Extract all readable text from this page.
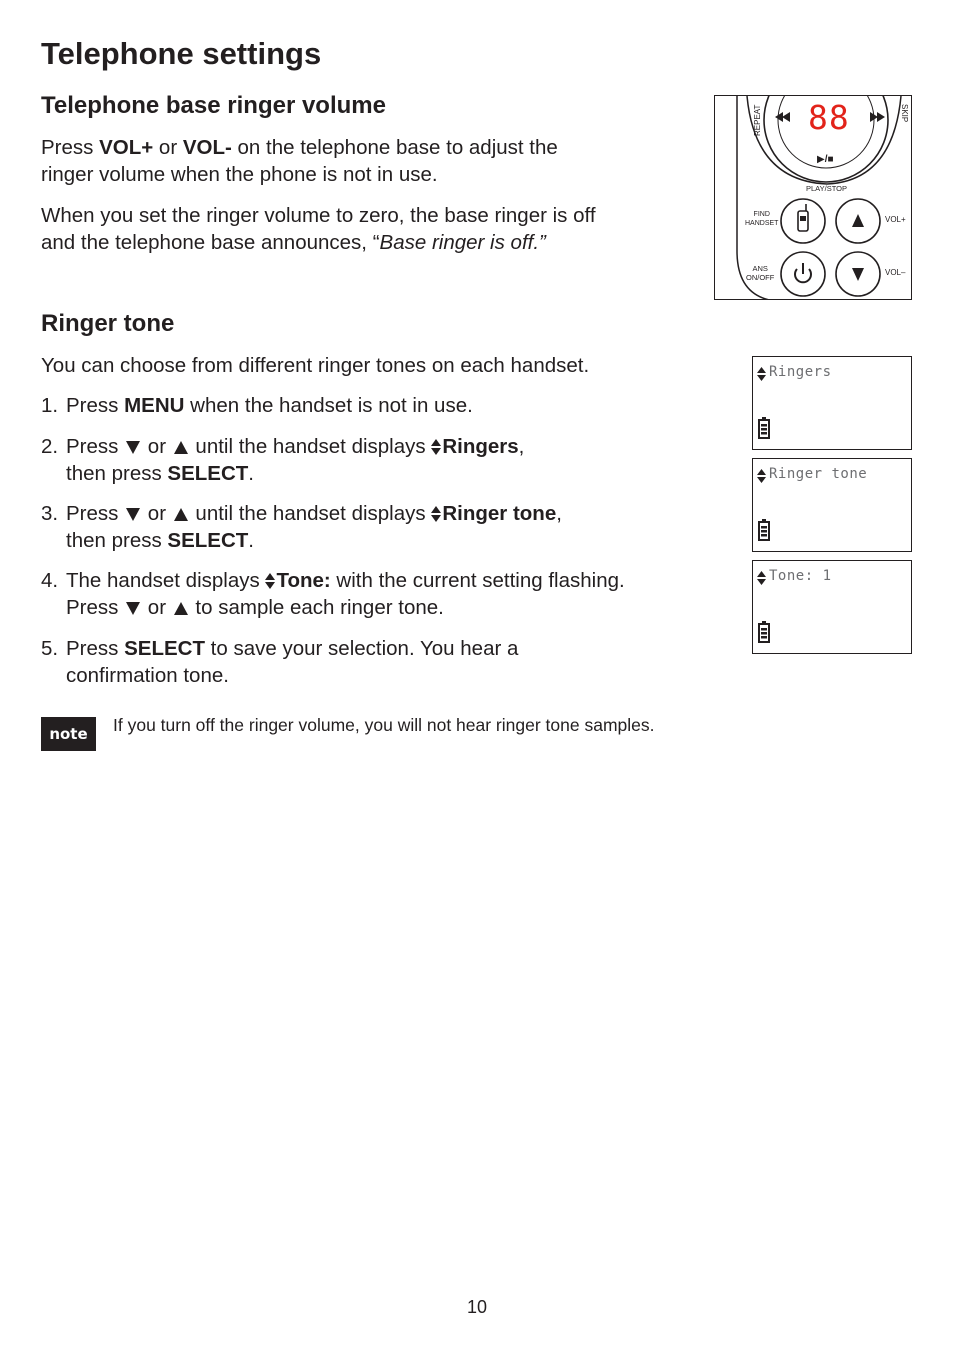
Telephone settings
Telephone base ringer volume

Press VOL+ or VOL- on the telephone base to adjust the
ringer volume when the phone is not in use.

When you set the ringer volume to zero, the base ringer is off
and the telephone base announces, “Base ringer is off.”

88
REPEAT	SKIP
▶/■
PLAY/STOP
FIND
HANDSET
ANS
ON/OFF
VOL+
VOL–
Ringer tone

You can choose from different ringer tones on each handset.

1. Press MENU when the handset is not in use.

2. Press  or  until the handset displays Ringers,
then press SELECT.

3. Press  or  until the handset displays Ringer tone,
then press SELECT.

4. The handset displays Tone: with the current setting flashing.
Press  or  to sample each ringer tone.

5. Press SELECT to save your selection. You hear a
confirmation tone.

Ringers
Ringer tone
Tone: 1
note	If you turn off the ringer volume, you will not hear ringer tone samples.

10
